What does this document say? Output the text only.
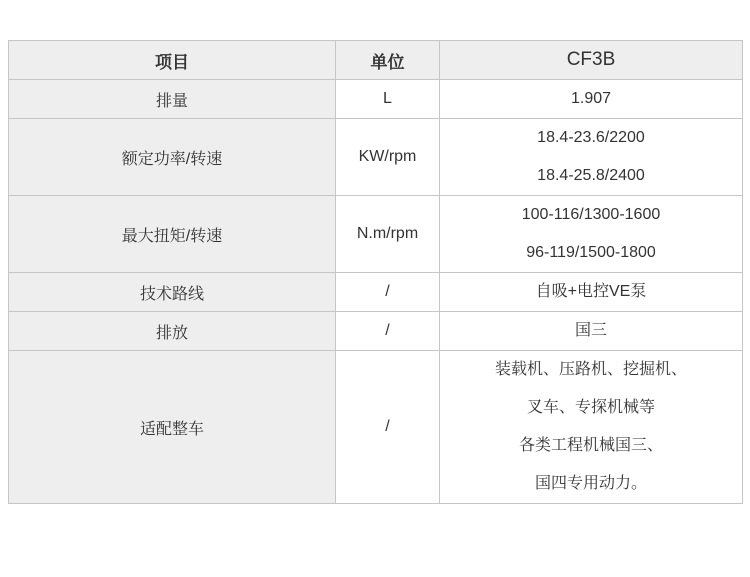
项目	单位	CF3B
排量	L	1.907

额定功率/转速	KW/rpm	18.4-23.6/2200
18.4-25.8/2400

最大扭矩/转速	N.m/rpm	100-116/1300-1600
96-119/1500-1800

技术路线	/	自吸+电控VE泵

排放	/	国三

适配整车	/	装载机、压路机、挖掘机、
叉车、专探机械等
各类工程机械国三、
国四专用动力。
